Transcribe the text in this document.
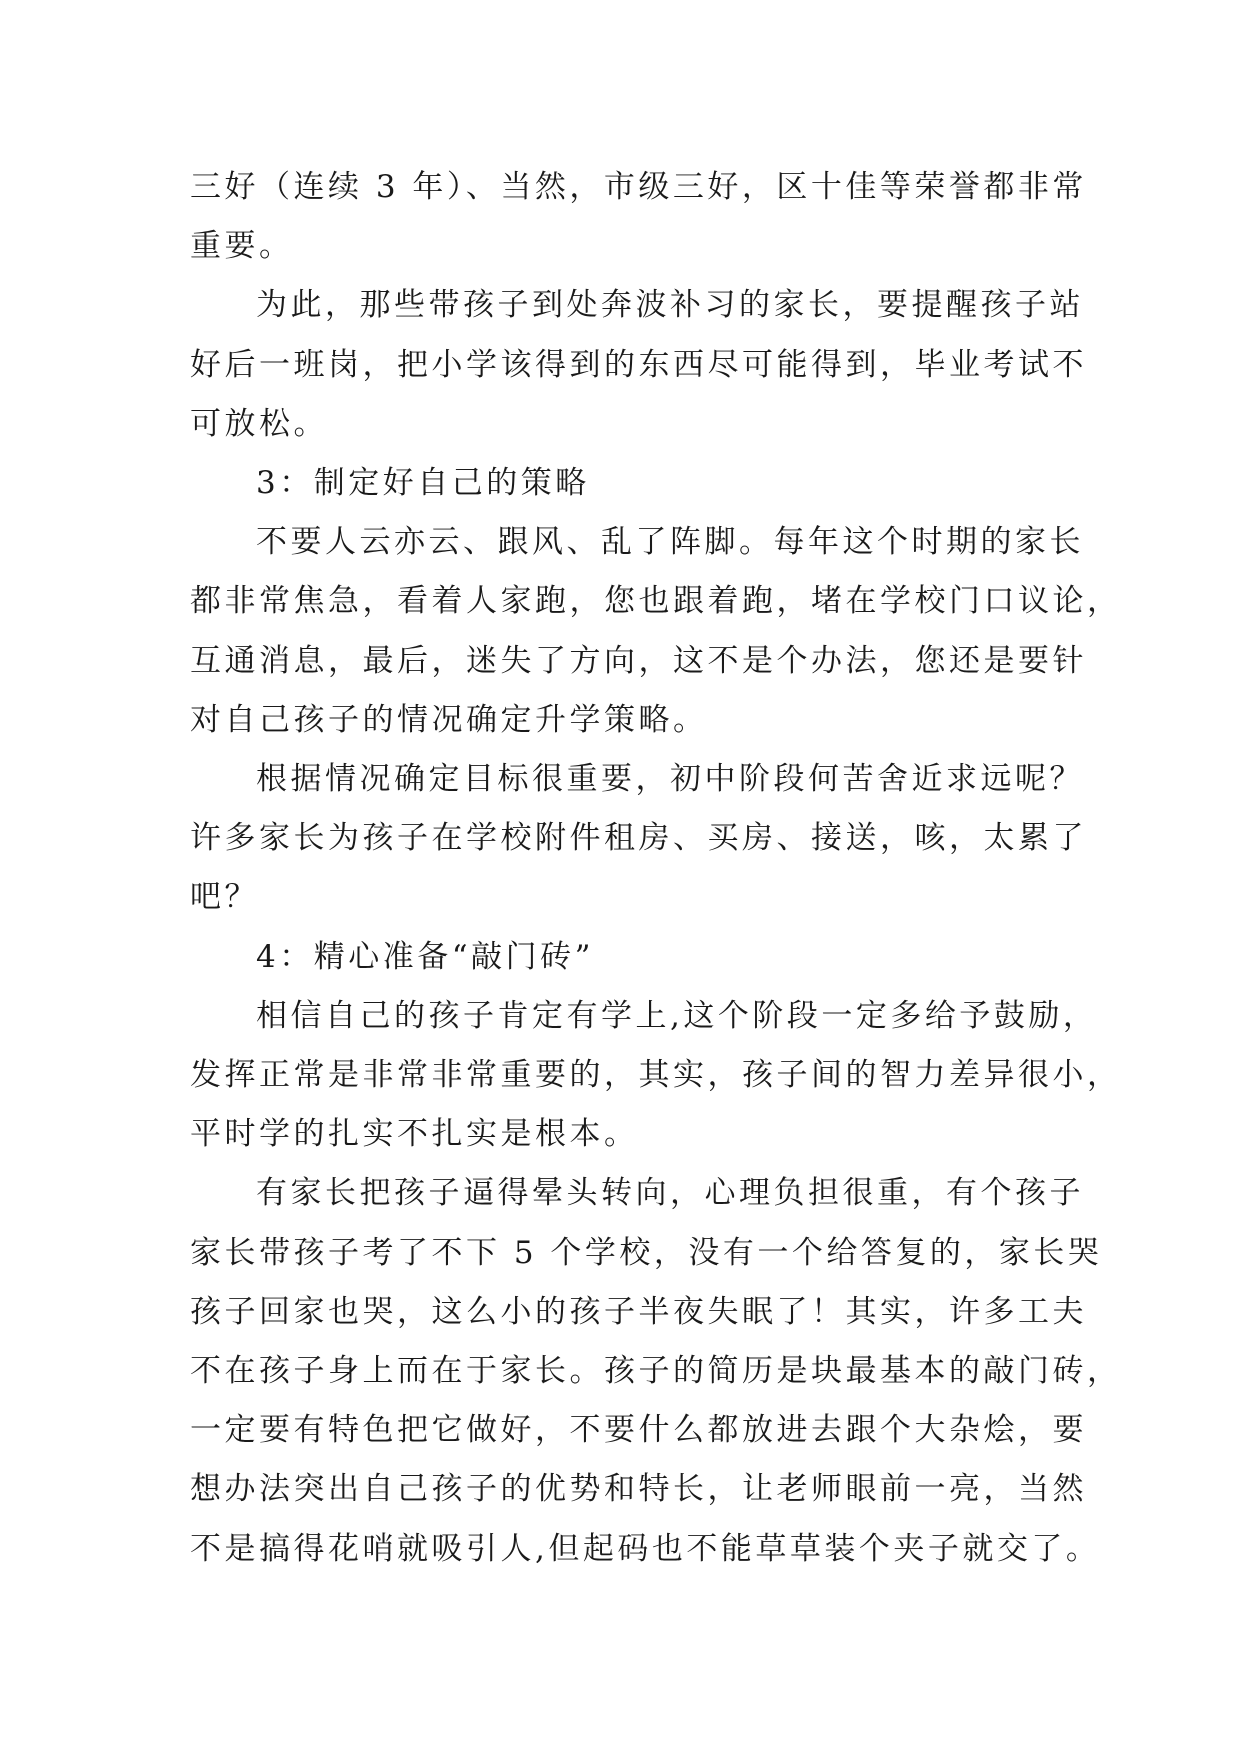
三好（连续 3 年）、当然，市级三好，区十佳等荣誉都非常
重要。

为此，那些带孩子到处奔波补习的家长，要提醒孩子站
好后一班岗，把小学该得到的东西尽可能得到，毕业考试不
可放松。

3：制定好自己的策略

不要人云亦云、跟风、乱了阵脚。每年这个时期的家长
都非常焦急，看着人家跑，您也跟着跑，堵在学校门口议论，
互通消息，最后，迷失了方向，这不是个办法，您还是要针
对自己孩子的情况确定升学策略。

根据情况确定目标很重要，初中阶段何苦舍近求远呢？
许多家长为孩子在学校附件租房、买房、接送，咳，太累了
吧？

4：精心准备“敲门砖”

相信自己的孩子肯定有学上,这个阶段一定多给予鼓励，
发挥正常是非常非常重要的，其实，孩子间的智力差异很小，
平时学的扎实不扎实是根本。

有家长把孩子逼得晕头转向，心理负担很重，有个孩子
家长带孩子考了不下 5 个学校，没有一个给答复的，家长哭
孩子回家也哭，这么小的孩子半夜失眠了！其实，许多工夫
不在孩子身上而在于家长。孩子的简历是块最基本的敲门砖，
一定要有特色把它做好，不要什么都放进去跟个大杂烩，要
想办法突出自己孩子的优势和特长，让老师眼前一亮，当然
不是搞得花哨就吸引人,但起码也不能草草装个夹子就交了。
